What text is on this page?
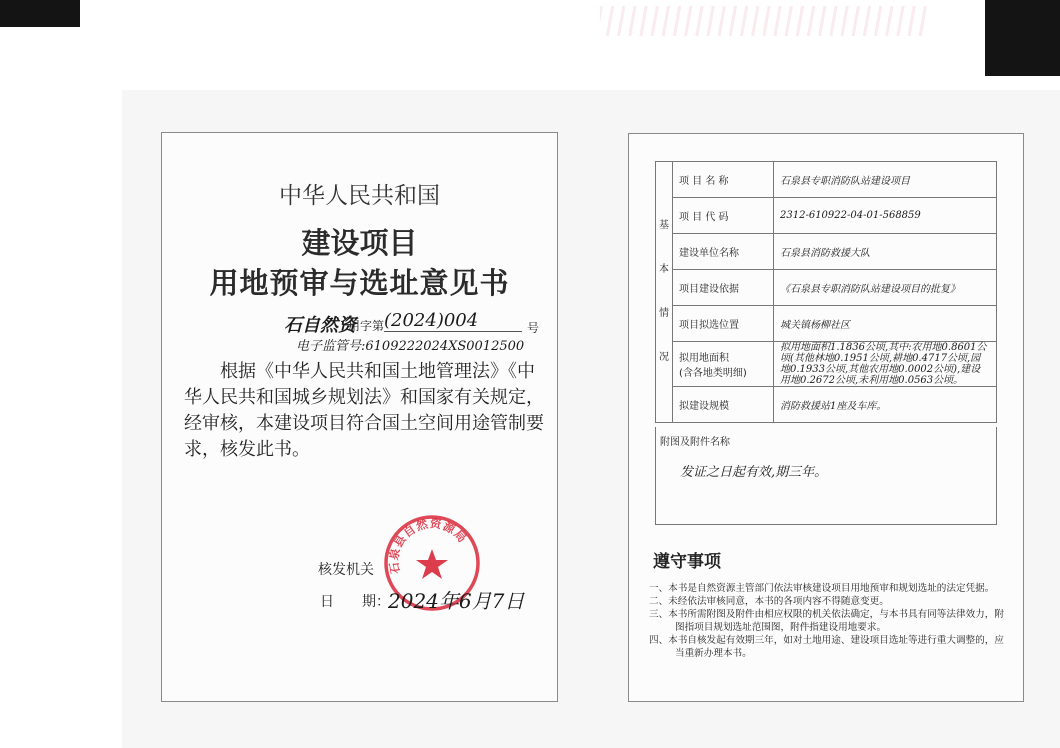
中华人民共和国
建设项目
用地预审与选址意见书
石自然资
用字第 (2024)004	号
电子监管号:6109222024XS0012500
根据《中华人民共和国土地管理法》《中华人民共和国城乡规划法》和国家有关规定，经审核，本建设项目符合国土空间用途管制要求，核发此书。
核发机关
日　　期：
石泉县自然资源局
2024年6月7日
基

本

情

况	项 目 名 称	石泉县专职消防队站建设项目
	项 目 代 码	2312-610922-04-01-568859
	建设单位名称	石泉县消防救援大队
	项目建设依据	《石泉县专职消防队站建设项目的批复》
	项目拟选位置	城关镇杨柳社区
	拟用地面积
(含各地类明细)	拟用地面积1.1836公顷,其中:农用地0.8601公顷(其他林地0.1951公顷,耕地0.4717公顷,园地0.1933公顷,其他农用地0.0002公顷),建设用地0.2672公顷,未利用地0.0563公顷。
	拟建设规模	消防救援站1座及车库。
附图及附件名称
发证之日起有效,期三年。
遵守事项
一、本书是自然资源主管部门依法审核建设项目用地预审和规划选址的法定凭据。
二、未经依法审核同意，本书的各项内容不得随意变更。
三、本书所需附图及附件由相应权限的机关依法确定，与本书具有同等法律效力，附图指项目规划选址范围图，附件指建设用地要求。
四、本书自核发起有效期三年，如对土地用途、建设项目选址等进行重大调整的，应当重新办理本书。
